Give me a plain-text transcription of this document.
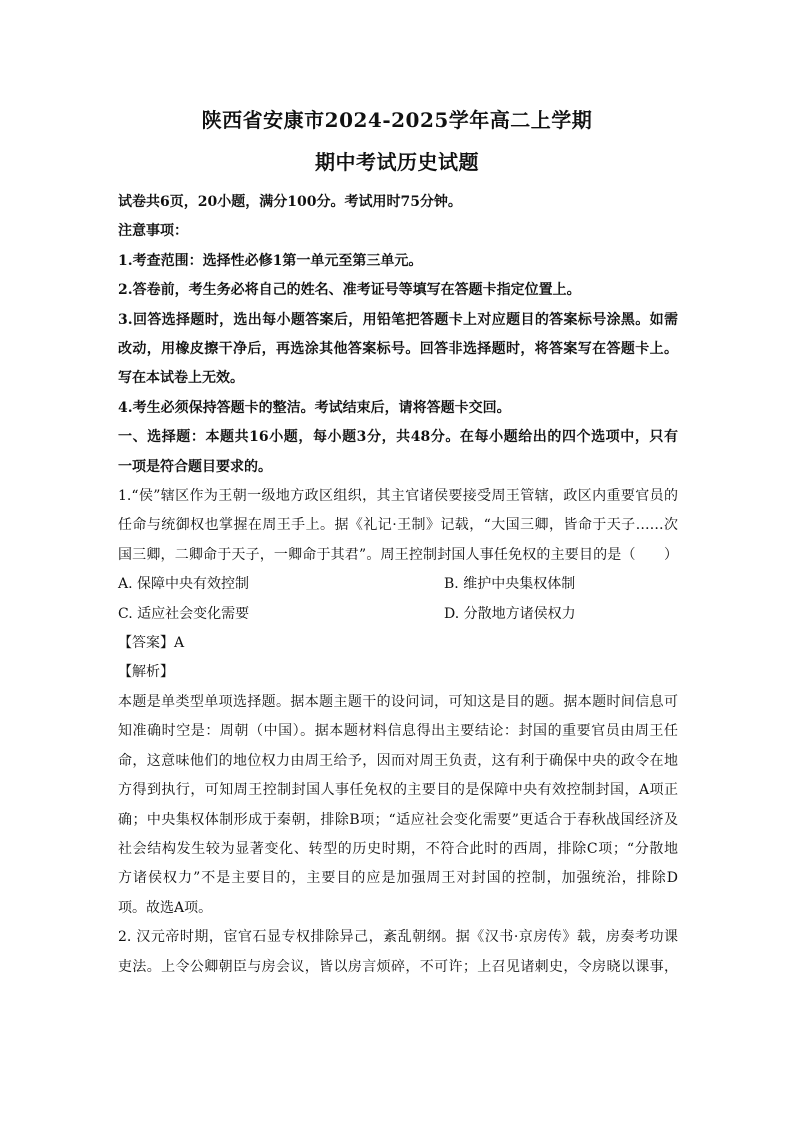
陕西省安康市2024-2025学年高二上学期
期中考试历史试题
试卷共6页，20小题，满分100分。考试用时75分钟。
注意事项：
1.考查范围：选择性必修1第一单元至第三单元。
2.答卷前，考生务必将自己的姓名、准考证号等填写在答题卡指定位置上。
3.回答选择题时，选出每小题答案后，用铅笔把答题卡上对应题目的答案标号涂黑。如需
改动，用橡皮擦干净后，再选涂其他答案标号。回答非选择题时，将答案写在答题卡上。
写在本试卷上无效。
4.考生必须保持答题卡的整洁。考试结束后，请将答题卡交回。
一、选择题：本题共16小题，每小题3分，共48分。在每小题给出的四个选项中，只有
一项是符合题目要求的。
1.“侯”辖区作为王朝一级地方政区组织，其主官诸侯要接受周王管辖，政区内重要官员的
任命与统御权也掌握在周王手上。据《礼记·王制》记载，“大国三卿，皆命于天子……次
国三卿，二卿命于天子，一卿命于其君”。周王控制封国人事任免权的主要目的是（　　）
A. 保障中央有效控制	B. 维护中央集权体制
C. 适应社会变化需要	D. 分散地方诸侯权力
【答案】A
【解析】
本题是单类型单项选择题。据本题主题干的设问词，可知这是目的题。据本题时间信息可
知准确时空是：周朝（中国）。据本题材料信息得出主要结论：封国的重要官员由周王任
命，这意味他们的地位权力由周王给予，因而对周王负责，这有利于确保中央的政令在地
方得到执行，可知周王控制封国人事任免权的主要目的是保障中央有效控制封国，A项正
确；中央集权体制形成于秦朝，排除B项；“适应社会变化需要”更适合于春秋战国经济及
社会结构发生较为显著变化、转型的历史时期，不符合此时的西周，排除C项；“分散地
方诸侯权力”不是主要目的，主要目的应是加强周王对封国的控制，加强统治，排除D
项。故选A项。
2. 汉元帝时期，宦官石显专权排除异己，紊乱朝纲。据《汉书·京房传》载，房奏考功课
吏法。上令公卿朝臣与房会议，皆以房言烦碎，不可许；上召见诸刺史，令房晓以课事，
